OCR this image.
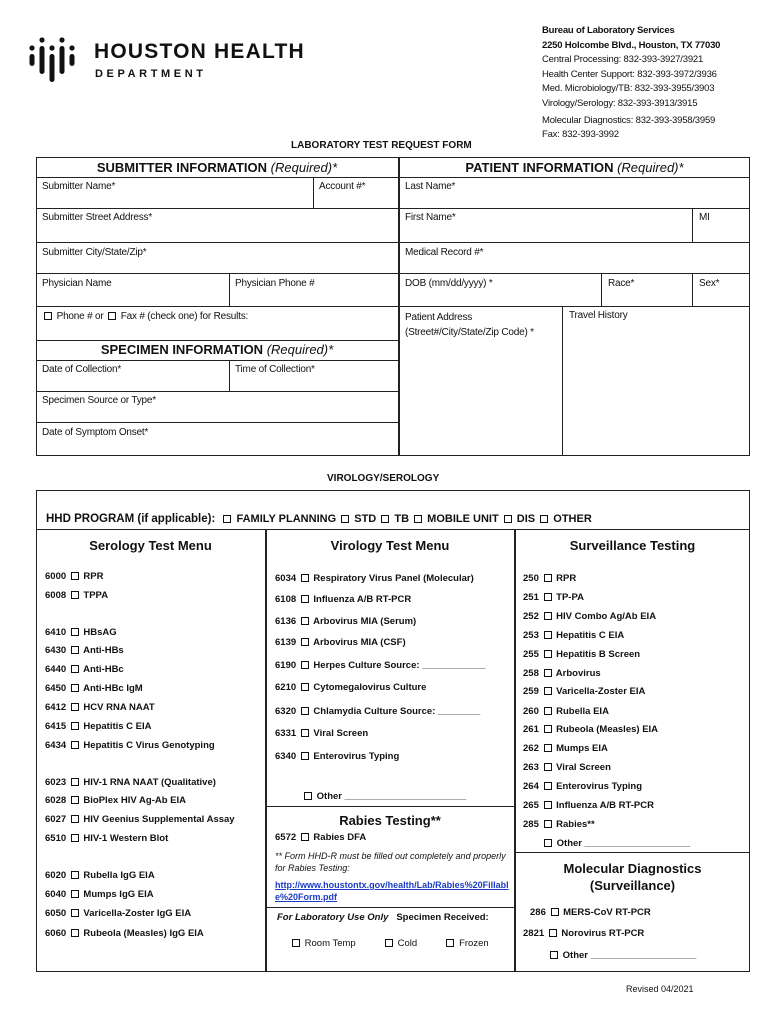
HOUSTON HEALTH
DEPARTMENT
Bureau of Laboratory Services
2250 Holcombe Blvd., Houston, TX 77030
Central Processing: 832-393-3927/3921
Health Center Support: 832-393-3972/3936
Med. Microbiology/TB: 832-393-3955/3903
Virology/Serology: 832-393-3913/3915
Molecular Diagnostics: 832-393-3958/3959
Fax: 832-393-3992
LABORATORY TEST REQUEST FORM
SUBMITTER INFORMATION (Required)*	PATIENT INFORMATION (Required)*
Submitter Name*	Account #*
Submitter Street Address*
Submitter City/State/Zip*
Physician Name	Physician Phone #
Phone # or Fax # (check one) for Results:
Last Name*
First Name*	MI
Medical Record #*
DOB (mm/dd/yyyy) *	Race*	Sex*
Patient Address
(Street#/City/State/Zip Code) *
Travel History
SPECIMEN INFORMATION (Required)*
Date of Collection*	Time of Collection*
Specimen Source or Type*
Date of Symptom Onset*
VIROLOGY/SEROLOGY
HHD PROGRAM (if applicable): FAMILY PLANNING STD TB MOBILE UNIT DIS OTHER
Serology Test Menu	Virology Test Menu	Surveillance Testing
6000 RPR
6008 TPPA
6410 HBsAG
6430 Anti-HBs
6440 Anti-HBc
6450 Anti-HBc IgM
6412 HCV RNA NAAT
6415 Hepatitis C EIA
6434 Hepatitis C Virus Genotyping
6023 HIV-1 RNA NAAT (Qualitative)
6028 BioPlex HIV Ag-Ab EIA
6027 HIV Geenius Supplemental Assay
6510 HIV-1 Western Blot
6020 Rubella IgG EIA
6040 Mumps IgG EIA
6050 Varicella-Zoster IgG EIA
6060 Rubeola (Measles) IgG EIA
6034 Respiratory Virus Panel (Molecular)
6108 Influenza A/B RT-PCR
6136 Arbovirus MIA (Serum)
6139 Arbovirus MIA (CSF)
6190 Herpes Culture Source: ____________
6210 Cytomegalovirus Culture
6320 Chlamydia Culture Source: ________
6331 Viral Screen
6340 Enterovirus Typing
Other _______________________
Rabies Testing**
6572 Rabies DFA
** Form HHD-R must be filled out completely and properly for Rabies Testing:
http://www.houstontx.gov/health/Lab/Rabies%20Fillable%20Form.pdf
For Laboratory Use Only Specimen Received:
Room Temp	Cold	Frozen
250 RPR
251 TP-PA
252 HIV Combo Ag/Ab EIA
253 Hepatitis C EIA
255 Hepatitis B Screen
258 Arbovirus
259 Varicella-Zoster EIA
260 Rubella EIA
261 Rubeola (Measles) EIA
262 Mumps EIA
263 Viral Screen
264 Enterovirus Typing
265 Influenza A/B RT-PCR
285 Rabies**
Other ____________________
Molecular Diagnostics
(Surveillance)
286 MERS-CoV RT-PCR
2821 Norovirus RT-PCR
Other ____________________
Revised 04/2021
